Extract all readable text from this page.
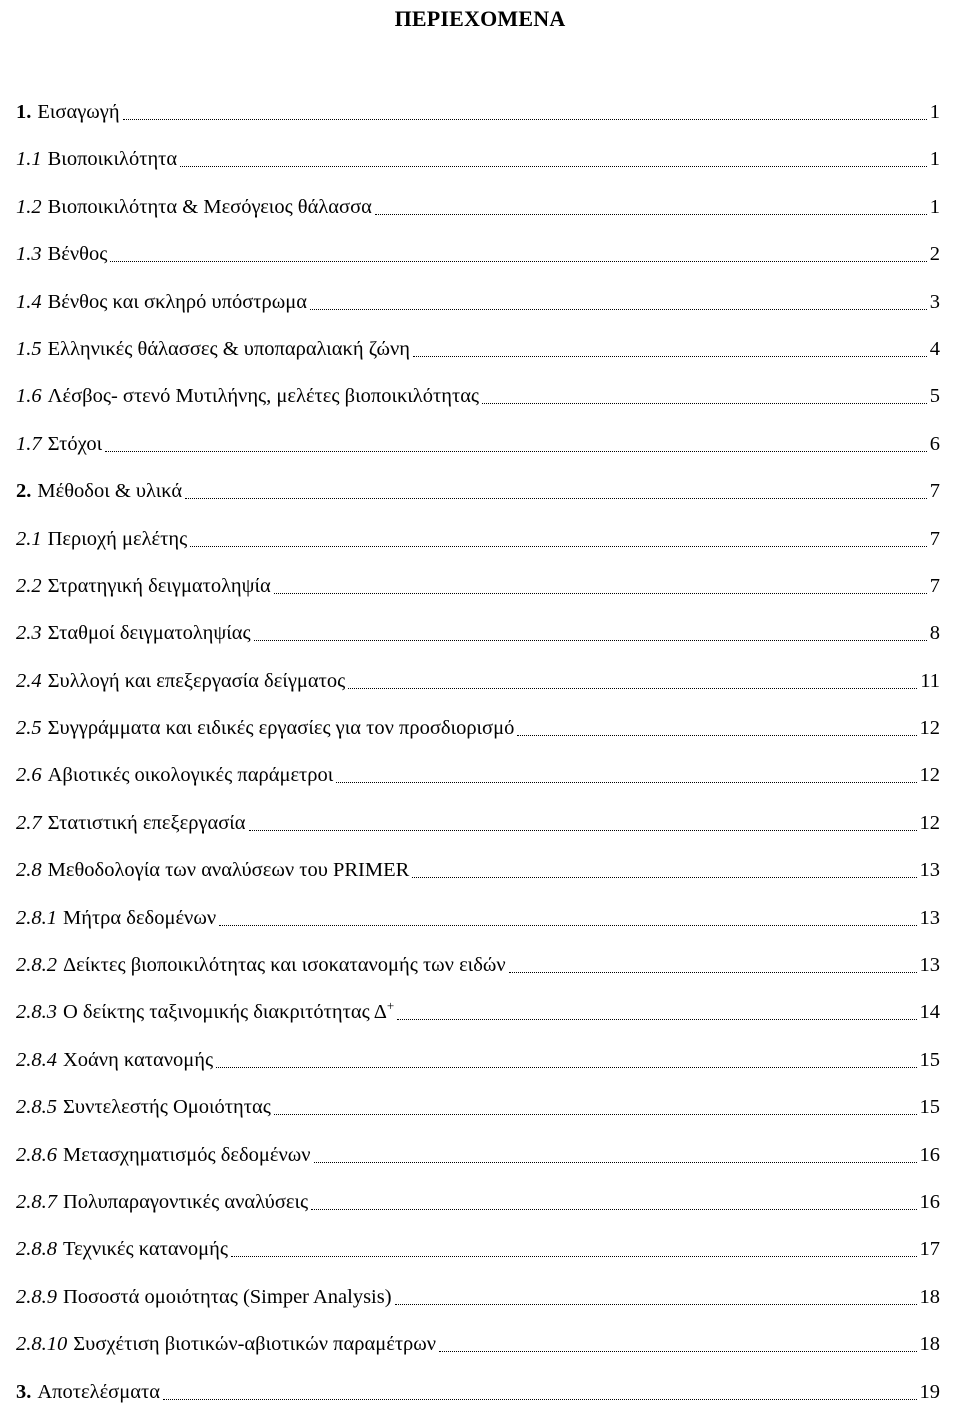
ΠΕΡΙΕΧΟΜΕΝΑ
1. Εισαγωγή	1
1.1 Βιοποικιλότητα	1
1.2 Βιοποικιλότητα & Μεσόγειος θάλασσα	1
1.3 Βένθος	2
1.4 Βένθος και σκληρό υπόστρωμα	3
1.5 Ελληνικές θάλασσες & υποπαραλιακή ζώνη	4
1.6 Λέσβος- στενό Μυτιλήνης, μελέτες βιοποικιλότητας	5
1.7 Στόχοι	6
2. Μέθοδοι & υλικά	7
2.1 Περιοχή μελέτης	7
2.2 Στρατηγική δειγματοληψία	7
2.3 Σταθμοί δειγματοληψίας	8
2.4 Συλλογή και επεξεργασία δείγματος	11
2.5 Συγγράμματα και ειδικές εργασίες για τον προσδιορισμό	12
2.6 Αβιοτικές οικολογικές παράμετροι	12
2.7 Στατιστική επεξεργασία	12
2.8 Μεθοδολογία των αναλύσεων του PRIMER	13
2.8.1 Μήτρα δεδομένων	13
2.8.2 Δείκτες βιοποικιλότητας και ισοκατανομής των ειδών	13
2.8.3 Ο δείκτης ταξινομικής διακριτότητας Δ+	14
2.8.4 Χοάνη κατανομής	15
2.8.5 Συντελεστής Ομοιότητας	15
2.8.6 Μετασχηματισμός δεδομένων	16
2.8.7 Πολυπαραγοντικές αναλύσεις	16
2.8.8 Τεχνικές κατανομής	17
2.8.9 Ποσοστά ομοιότητας (Simper Analysis)	18
2.8.10 Συσχέτιση βιοτικών-αβιοτικών παραμέτρων	18
3. Αποτελέσματα	19
